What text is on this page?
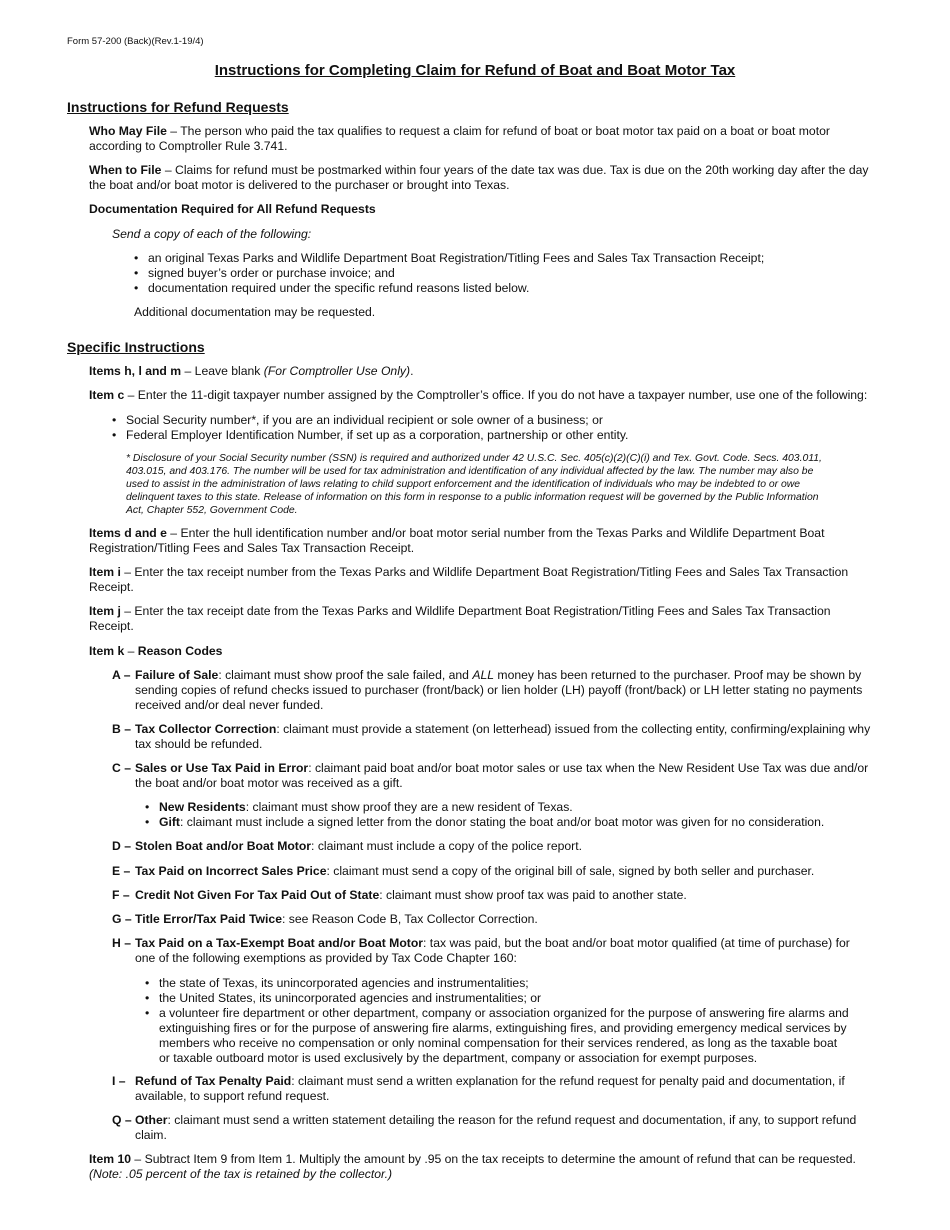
Form 57-200 (Back)(Rev.1-19/4)
Instructions for Completing Claim for Refund of Boat and Boat Motor Tax
Instructions for Refund Requests

Who May File – The person who paid the tax qualifies to request a claim for refund of boat or boat motor tax paid on a boat or boat motor according to Comptroller Rule 3.741.

When to File – Claims for refund must be postmarked within four years of the date tax was due. Tax is due on the 20th working day after the day the boat and/or boat motor is delivered to the purchaser or brought into Texas.

Documentation Required for All Refund Requests

Send a copy of each of the following:

• an original Texas Parks and Wildlife Department Boat Registration/Titling Fees and Sales Tax Transaction Receipt;
• signed buyer’s order or purchase invoice; and
• documentation required under the specific refund reasons listed below.

Additional documentation may be requested.

Specific Instructions

Items h, l and m – Leave blank (For Comptroller Use Only).

Item c – Enter the 11-digit taxpayer number assigned by the Comptroller’s office. If you do not have a taxpayer number, use one of the following:

• Social Security number*, if you are an individual recipient or sole owner of a business; or
• Federal Employer Identification Number, if set up as a corporation, partnership or other entity.

* Disclosure of your Social Security number (SSN) is required and authorized under 42 U.S.C. Sec. 405(c)(2)(C)(i) and Tex. Govt. Code. Secs. 403.011, 403.015, and 403.176. The number will be used for tax administration and identification of any individual affected by the law. The number may also be used to assist in the administration of laws relating to child support enforcement and the identification of individuals who may be indebted to or owe delinquent taxes to this state. Release of information on this form in response to a public information request will be governed by the Public Information Act, Chapter 552, Government Code.

Items d and e – Enter the hull identification number and/or boat motor serial number from the Texas Parks and Wildlife Department Boat Registration/Titling Fees and Sales Tax Transaction Receipt.

Item i – Enter the tax receipt number from the Texas Parks and Wildlife Department Boat Registration/Titling Fees and Sales Tax Transaction Receipt.

Item j – Enter the tax receipt date from the Texas Parks and Wildlife Department Boat Registration/Titling Fees and Sales Tax Transaction Receipt.

Item k – Reason Codes

A – Failure of Sale: claimant must show proof the sale failed, and ALL money has been returned to the purchaser. Proof may be shown by sending copies of refund checks issued to purchaser (front/back) or lien holder (LH) payoff (front/back) or LH letter stating no payments received and/or deal never funded.

B – Tax Collector Correction: claimant must provide a statement (on letterhead) issued from the collecting entity, confirming/explaining why tax should be refunded.

C – Sales or Use Tax Paid in Error: claimant paid boat and/or boat motor sales or use tax when the New Resident Use Tax was due and/or the boat and/or boat motor was received as a gift.

• New Residents: claimant must show proof they are a new resident of Texas.
• Gift: claimant must include a signed letter from the donor stating the boat and/or boat motor was given for no consideration.

D – Stolen Boat and/or Boat Motor: claimant must include a copy of the police report.

E – Tax Paid on Incorrect Sales Price: claimant must send a copy of the original bill of sale, signed by both seller and purchaser.

F – Credit Not Given For Tax Paid Out of State: claimant must show proof tax was paid to another state.

G – Title Error/Tax Paid Twice: see Reason Code B, Tax Collector Correction.

H – Tax Paid on a Tax-Exempt Boat and/or Boat Motor: tax was paid, but the boat and/or boat motor qualified (at time of purchase) for one of the following exemptions as provided by Tax Code Chapter 160:

• the state of Texas, its unincorporated agencies and instrumentalities;
• the United States, its unincorporated agencies and instrumentalities; or
• a volunteer fire department or other department, company or association organized for the purpose of answering fire alarms and extinguishing fires or for the purpose of answering fire alarms, extinguishing fires, and providing emergency medical services by members who receive no compensation or only nominal compensation for their services rendered, as long as the taxable boat or taxable outboard motor is used exclusively by the department, company or association for exempt purposes.

I – Refund of Tax Penalty Paid: claimant must send a written explanation for the refund request for penalty paid and documentation, if available, to support refund request.

Q – Other: claimant must send a written statement detailing the reason for the refund request and documentation, if any, to support refund claim.

Item 10 – Subtract Item 9 from Item 1. Multiply the amount by .95 on the tax receipts to determine the amount of refund that can be requested.
(Note: .05 percent of the tax is retained by the collector.)
